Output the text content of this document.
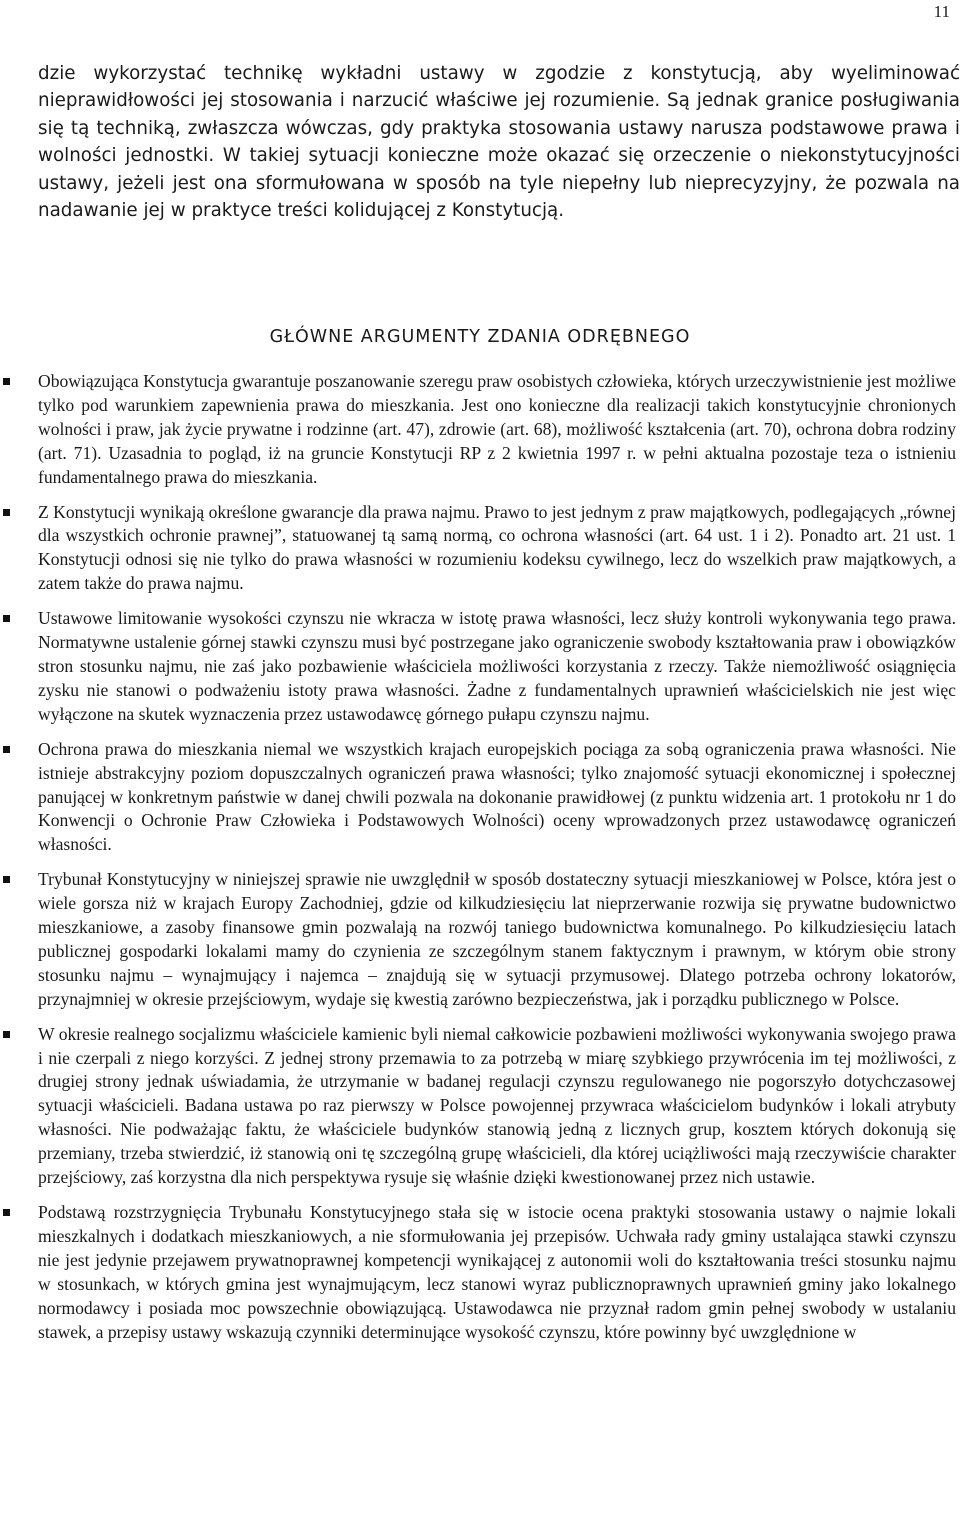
11

dzie wykorzystać technikę wykładni ustawy w zgodzie z konstytucją, aby wyeliminować nieprawidłowości jej stosowania i narzucić właściwe jej rozumienie. Są jednak granice posługiwania się tą techniką, zwłaszcza wówczas, gdy praktyka stosowania ustawy narusza podstawowe prawa i wolności jednostki. W takiej sytuacji konieczne może okazać się orzeczenie o niekonstytucyjności ustawy, jeżeli jest ona sformułowana w sposób na tyle niepełny lub nieprecyzyjny, że pozwala na nadawanie jej w praktyce treści kolidującej z Konstytucją.

GŁÓWNE ARGUMENTY ZDANIA ODRĘBNEGO
Obowiązująca Konstytucja gwarantuje poszanowanie szeregu praw osobistych człowieka, których urzeczywistnienie jest możliwe tylko pod warunkiem zapewnienia prawa do mieszkania. Jest ono konieczne dla realizacji takich konstytucyjnie chronionych wolności i praw, jak życie prywatne i rodzinne (art. 47), zdrowie (art. 68), możliwość kształcenia (art. 70), ochrona dobra rodziny (art. 71). Uzasadnia to pogląd, iż na gruncie Konstytucji RP z 2 kwietnia 1997 r. w pełni aktualna pozostaje teza o istnieniu fundamentalnego prawa do mieszkania.
Z Konstytucji wynikają określone gwarancje dla prawa najmu. Prawo to jest jednym z praw majątkowych, podlegających „równej dla wszystkich ochronie prawnej”, statuowanej tą samą normą, co ochrona własności (art. 64 ust. 1 i 2). Ponadto art. 21 ust. 1 Konstytucji odnosi się nie tylko do prawa własności w rozumieniu kodeksu cywilnego, lecz do wszelkich praw majątkowych, a zatem także do prawa najmu.
Ustawowe limitowanie wysokości czynszu nie wkracza w istotę prawa własności, lecz służy kontroli wykonywania tego prawa. Normatywne ustalenie górnej stawki czynszu musi być postrzegane jako ograniczenie swobody kształtowania praw i obowiązków stron stosunku najmu, nie zaś jako pozbawienie właściciela możliwości korzystania z rzeczy. Także niemożliwość osiągnięcia zysku nie stanowi o podważeniu istoty prawa własności. Żadne z fundamentalnych uprawnień właścicielskich nie jest więc wyłączone na skutek wyznaczenia przez ustawodawcę górnego pułapu czynszu najmu.
Ochrona prawa do mieszkania niemal we wszystkich krajach europejskich pociąga za sobą ograniczenia prawa własności. Nie istnieje abstrakcyjny poziom dopuszczalnych ograniczeń prawa własności; tylko znajomość sytuacji ekonomicznej i społecznej panującej w konkretnym państwie w danej chwili pozwala na dokonanie prawidłowej (z punktu widzenia art. 1 protokołu nr 1 do Konwencji o Ochronie Praw Człowieka i Podstawowych Wolności) oceny wprowadzonych przez ustawodawcę ograniczeń własności.
Trybunał Konstytucyjny w niniejszej sprawie nie uwzględnił w sposób dostateczny sytuacji mieszkaniowej w Polsce, która jest o wiele gorsza niż w krajach Europy Zachodniej, gdzie od kilkudziesięciu lat nieprzerwanie rozwija się prywatne budownictwo mieszkaniowe, a zasoby finansowe gmin pozwalają na rozwój taniego budownictwa komunalnego. Po kilkudziesięciu latach publicznej gospodarki lokalami mamy do czynienia ze szczególnym stanem faktycznym i prawnym, w którym obie strony stosunku najmu – wynajmujący i najemca – znajdują się w sytuacji przymusowej. Dlatego potrzeba ochrony lokatorów, przynajmniej w okresie przejściowym, wydaje się kwestią zarówno bezpieczeństwa, jak i porządku publicznego w Polsce.
W okresie realnego socjalizmu właściciele kamienic byli niemal całkowicie pozbawieni możliwości wykonywania swojego prawa i nie czerpali z niego korzyści. Z jednej strony przemawia to za potrzebą w miarę szybkiego przywrócenia im tej możliwości, z drugiej strony jednak uświadamia, że utrzymanie w badanej regulacji czynszu regulowanego nie pogorszyło dotychczasowej sytuacji właścicieli. Badana ustawa po raz pierwszy w Polsce powojennej przywraca właścicielom budynków i lokali atrybuty własności. Nie podważając faktu, że właściciele budynków stanowią jedną z licznych grup, kosztem których dokonują się przemiany, trzeba stwierdzić, iż stanowią oni tę szczególną grupę właścicieli, dla której uciążliwości mają rzeczywiście charakter przejściowy, zaś korzystna dla nich perspektywa rysuje się właśnie dzięki kwestionowanej przez nich ustawie.
Podstawą rozstrzygnięcia Trybunału Konstytucyjnego stała się w istocie ocena praktyki stosowania ustawy o najmie lokali mieszkalnych i dodatkach mieszkaniowych, a nie sformułowania jej przepisów. Uchwała rady gminy ustalająca stawki czynszu nie jest jedynie przejawem prywatnoprawnej kompetencji wynikającej z autonomii woli do kształtowania treści stosunku najmu w stosunkach, w których gmina jest wynajmującym, lecz stanowi wyraz publicznoprawnych uprawnień gminy jako lokalnego normodawcy i posiada moc powszechnie obowiązującą. Ustawodawca nie przyznał radom gmin pełnej swobody w ustalaniu stawek, a przepisy ustawy wskazują czynniki determinujące wysokość czynszu, które powinny być uwzględnione w
